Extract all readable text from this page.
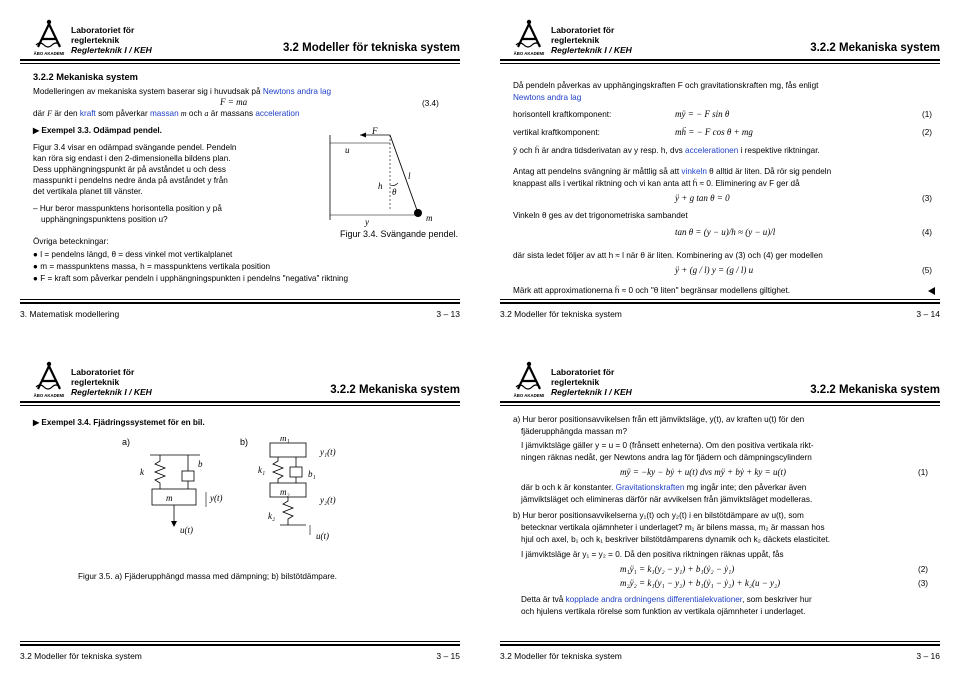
ÅBO AKADEMI
Laboratoriet för
reglerteknik
Reglerteknik I / KEH	3.2 Modeller för tekniska system
3.2.2 Mekaniska system
Modelleringen av mekaniska system baserar sig i huvudsak på Newtons andra lag
F = ma	(3.4)
där F är den kraft som påverkar massan m och a är massans acceleration
▶ Exempel 3.3. Odämpad pendel.
Figur 3.4 visar en odämpad svängande pendel. Pendeln
kan röra sig endast i den 2-dimensionella bildens plan.
Dess upphängningspunkt är på avståndet u och dess
masspunkt i pendelns nedre ända på avståndet y från
det vertikala planet till vänster.
– Hur beror masspunktens horisontella position y på
upphängningspunktens position u?
Figur 3.4. Svängande pendel.
Övriga beteckningar:
● l = pendelns längd, θ = dess vinkel mot vertikalplanet
● m = masspunktens massa, h = masspunktens vertikala position
● F = kraft som påverkar pendeln i upphängningspunkten i pendelns "negativa" riktning
F
u
l
h
θ
y	m
3. Matematisk modellering	3 – 13
ÅBO AKADEMI
Laboratoriet för
reglerteknik
Reglerteknik I / KEH	3.2.2 Mekaniska system
Då pendeln påverkas av upphängingskraften F och gravitationskraften mg, fås enligt
Newtons andra lag
horisontell kraftkomponent:	mÿ = − F sin θ	(1)
vertikal kraftkomponent:	mḧ = − F cos θ + mg	(2)
ÿ och ḧ är andra tidsderivatan av y resp. h, dvs accelerationen i respektive riktningar.
Antag att pendelns svängning är måttlig så att vinkeln θ alltid är liten. Då rör sig pendeln
knappast alls i vertikal riktning och vi kan anta att ḧ ≈ 0. Eliminering av F ger då
ÿ + g tan θ = 0	(3)
Vinkeln θ ges av det trigonometriska sambandet
tan θ = (y − u)/h ≈ (y − u)/l	(4)
där sista ledet följer av att h ≈ l när θ är liten. Kombinering av (3) och (4) ger modellen
ÿ + (g / l) y = (g / l) u	(5)
Märk att approximationerna ḧ ≈ 0 och "θ liten" begränsar modellens giltighet.
3.2 Modeller för tekniska system	3 – 14
ÅBO AKADEMI
Laboratoriet för
reglerteknik
Reglerteknik I / KEH	3.2.2 Mekaniska system
▶ Exempel 3.4. Fjädringssystemet för en bil.
a)
k
b
m	y(t)
u(t)
b)	m₁
y₁(t)
k₁	b₁
m₂
y₂(t)
k₂
u(t)
Figur 3.5. a) Fjäderupphängd massa med dämpning; b) bilstötdämpare.
3.2 Modeller för tekniska system	3 – 15
ÅBO AKADEMI
Laboratoriet för
reglerteknik
Reglerteknik I / KEH	3.2.2 Mekaniska system
a) Hur beror positionsavvikelsen från ett jämviktsläge, y(t), av kraften u(t) för den
fjäderupphängda massan m?
I jämviktsläge gäller y = u = 0 (frånsett enheterna). Om den positiva vertikala rikt-
ningen räknas nedåt, ger Newtons andra lag för fjädern och dämpningscylindern
mÿ = −ky − bẏ + u(t) dvs mÿ + bẏ + ky = u(t)	(1)
där b och k är konstanter. Gravitationskraften mg ingår inte; den påverkar även
jämviktsläget och elimineras därför när avvikelsen från jämviktsläget modelleras.
b) Hur beror positionsavvikelserna y₁(t) och y₂(t) i en bilstötdämpare av u(t), som
betecknar vertikala ojämnheter i underlaget? m₁ är bilens massa, m₂ är massan hos
hjul och axel, b₁ och k₁ beskriver bilstötdämparens dynamik och k₂ däckets elasticitet.
I jämviktsläge är y₁ = y₂ = 0. Då den positiva riktningen räknas uppåt, fås
m₁ÿ₁ = k₁(y₂ − y₁) + b₁(ẏ₂ − ẏ₁)	(2)
m₂ÿ₂ = k₁(y₁ − y₂) + b₁(ẏ₁ − ẏ₂) + k₂(u − y₂)	(3)
Detta är två kopplade andra ordningens differentialekvationer, som beskriver hur
och hjulens vertikala rörelse som funktion av vertikala ojämnheter i underlaget.
3.2 Modeller för tekniska system	3 – 16
